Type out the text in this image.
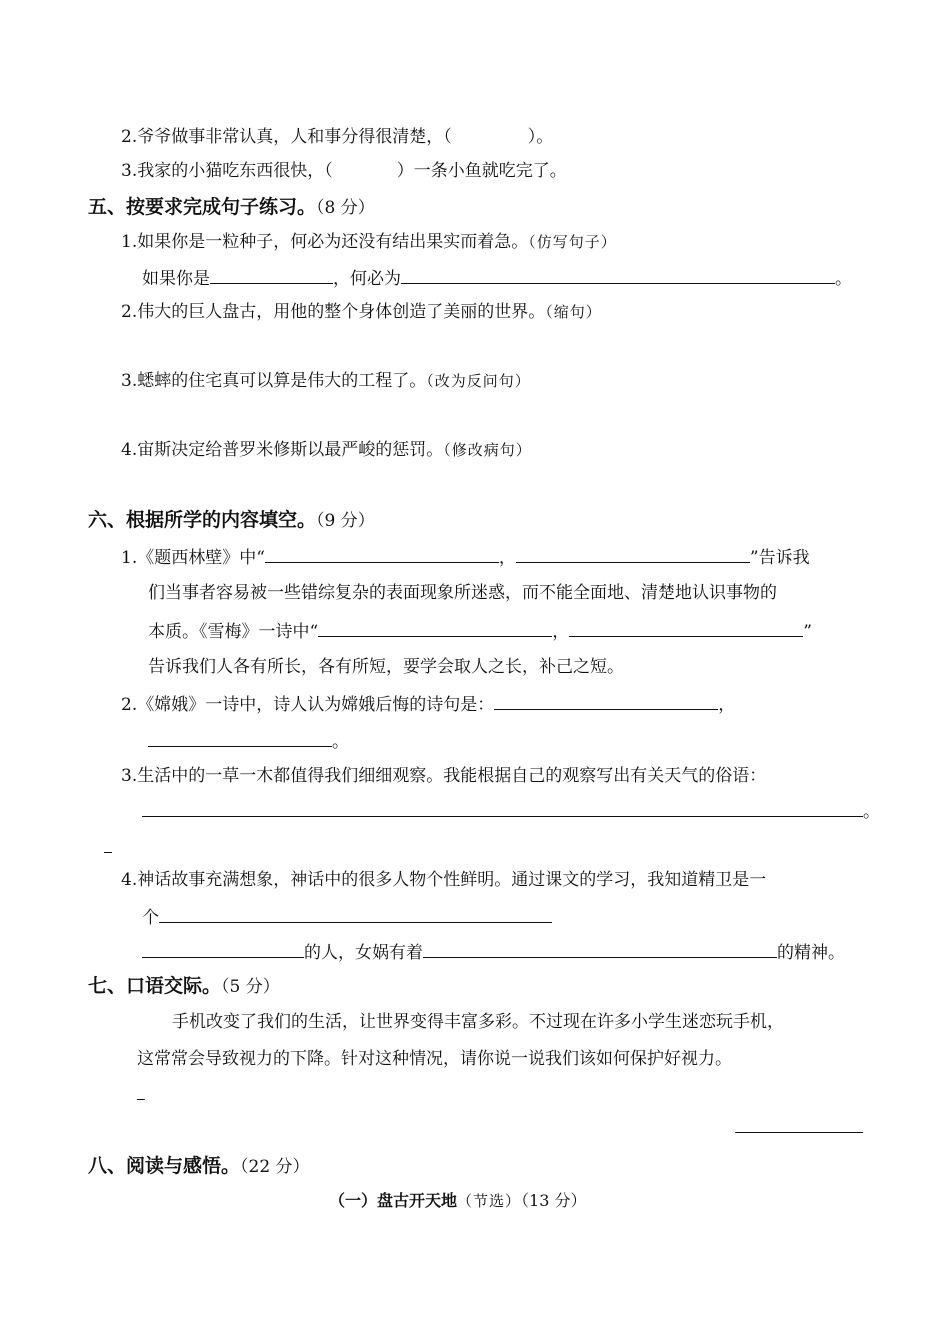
2.爷爷做事非常认真，人和事分得很清楚，（	）。
3.我家的小猫吃东西很快，（	）一条小鱼就吃完了。
五、按要求完成句子练习。（8 分）
1.如果你是一粒种子，何必为还没有结出果实而着急。（仿写句子）
如果你是	，何必为	。
2.伟大的巨人盘古，用他的整个身体创造了美丽的世界。（缩句）
3.蟋蟀的住宅真可以算是伟大的工程了。（改为反问句）
4.宙斯决定给普罗米修斯以最严峻的惩罚。（修改病句）
六、根据所学的内容填空。（9 分）
1.《题西林壁》中“	，	”告诉我
们当事者容易被一些错综复杂的表面现象所迷惑，而不能全面地、清楚地认识事物的
本质。《雪梅》一诗中“	，	”
告诉我们人各有所长，各有所短，要学会取人之长，补己之短。
2.《嫦娥》一诗中，诗人认为嫦娥后悔的诗句是：	，
。
3.生活中的一草一木都值得我们细细观察。我能根据自己的观察写出有关天气的俗语：
。
4.神话故事充满想象，神话中的很多人物个性鲜明。通过课文的学习，我知道精卫是一
个
的人，女娲有着	的精神。
七、口语交际。（5 分）
手机改变了我们的生活，让世界变得丰富多彩。不过现在许多小学生迷恋玩手机，
这常常会导致视力的下降。针对这种情况，请你说一说我们该如何保护好视力。
八、阅读与感悟。（22 分）
（一）盘古开天地（节选）（13 分）
